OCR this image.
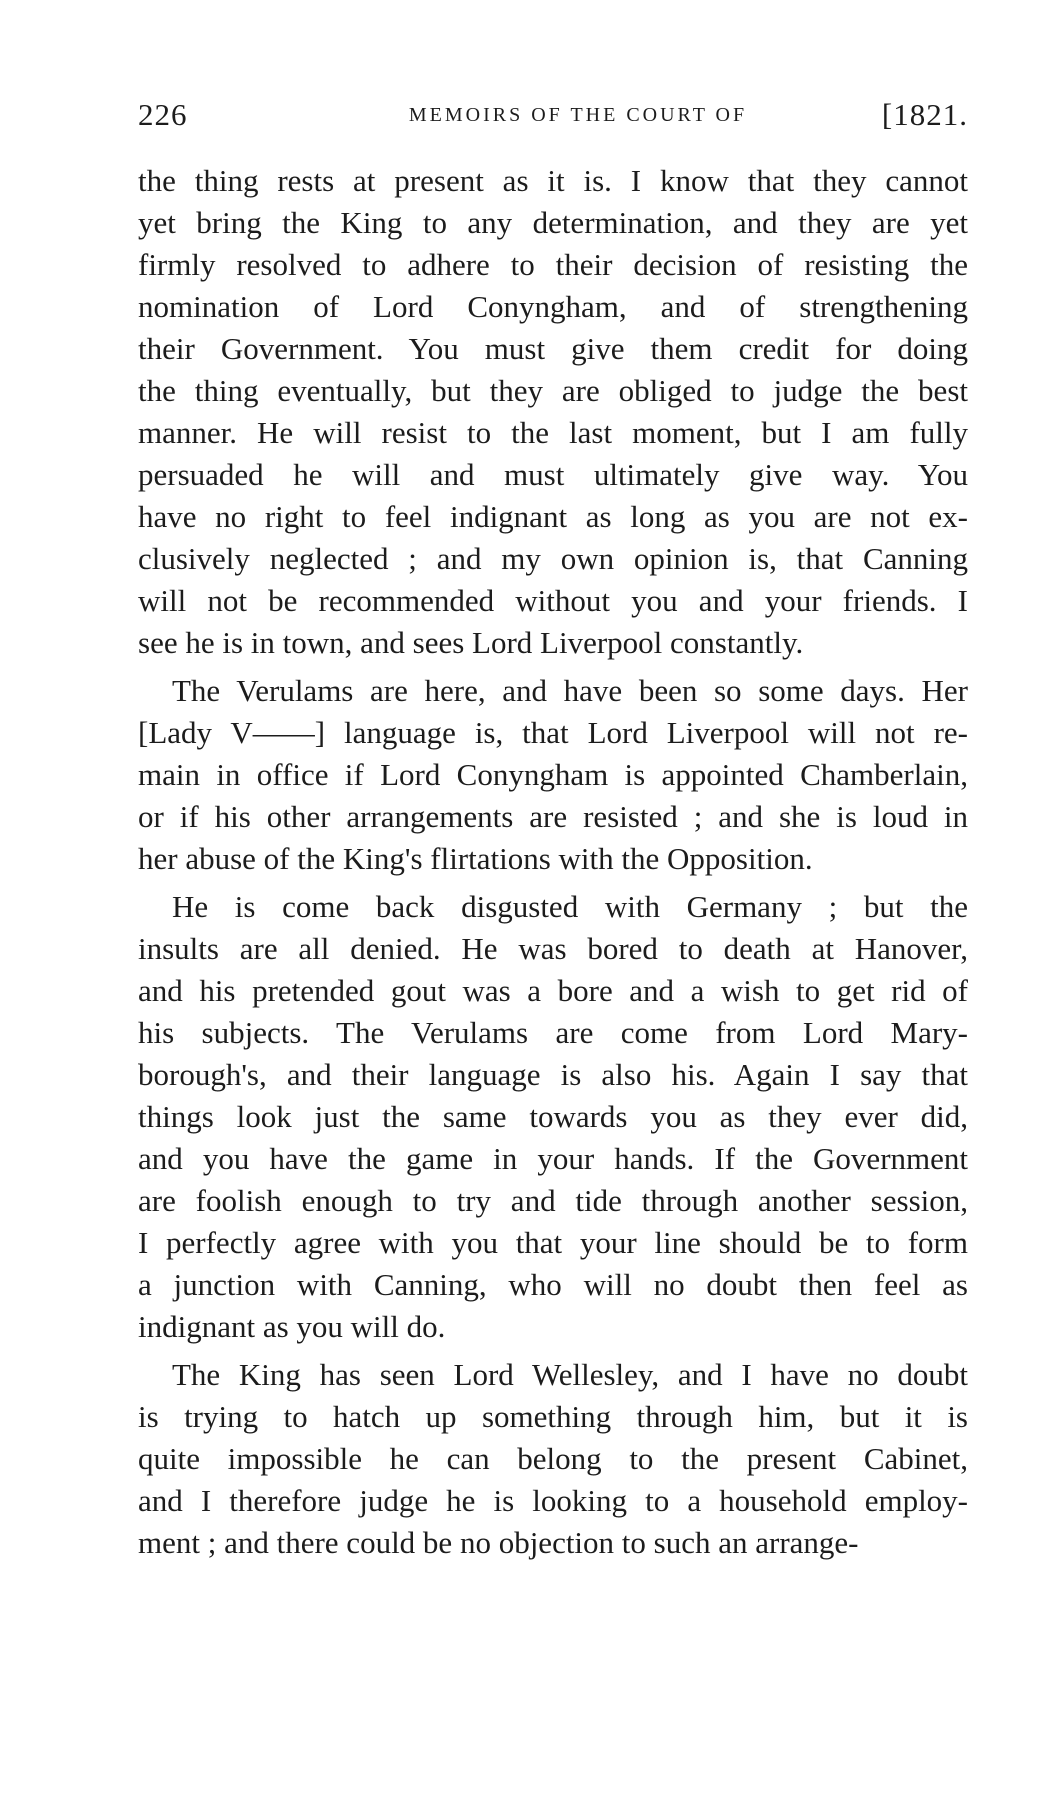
226	MEMOIRS OF THE COURT OF	[1821.
the thing rests at present as it is. I know that they cannot
yet bring the King to any determination, and they are yet
firmly resolved to adhere to their decision of resisting the
nomination of Lord Conyngham, and of strengthening
their Government. You must give them credit for doing
the thing eventually, but they are obliged to judge the best
manner. He will resist to the last moment, but I am fully
persuaded he will and must ultimately give way. You
have no right to feel indignant as long as you are not ex-
clusively neglected ; and my own opinion is, that Canning
will not be recommended without you and your friends. I
see he is in town, and sees Lord Liverpool constantly.
The Verulams are here, and have been so some days. Her
[Lady V——] language is, that Lord Liverpool will not re-
main in office if Lord Conyngham is appointed Chamberlain,
or if his other arrangements are resisted ; and she is loud in
her abuse of the King's flirtations with the Opposition.
He is come back disgusted with Germany ; but the
insults are all denied. He was bored to death at Hanover,
and his pretended gout was a bore and a wish to get rid of
his subjects. The Verulams are come from Lord Mary-
borough's, and their language is also his. Again I say that
things look just the same towards you as they ever did,
and you have the game in your hands. If the Government
are foolish enough to try and tide through another session,
I perfectly agree with you that your line should be to form
a junction with Canning, who will no doubt then feel as
indignant as you will do.
The King has seen Lord Wellesley, and I have no doubt
is trying to hatch up something through him, but it is
quite impossible he can belong to the present Cabinet,
and I therefore judge he is looking to a household employ-
ment ; and there could be no objection to such an arrange-
